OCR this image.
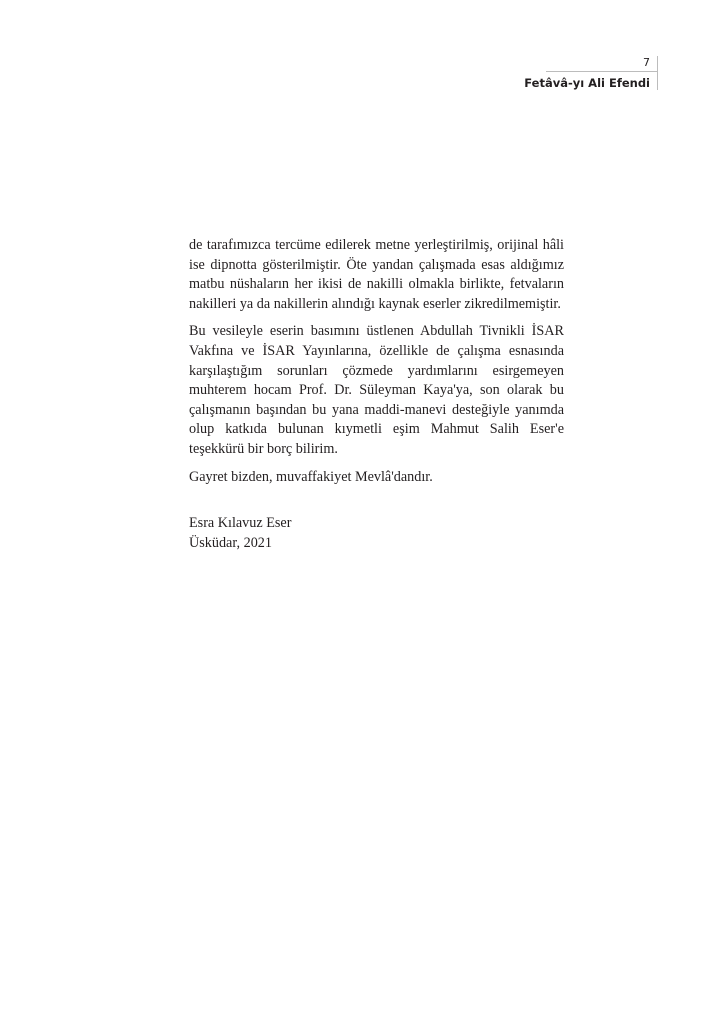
7
Fetâvâ-yı Ali Efendi

de tarafımızca tercüme edilerek metne yerleştirilmiş, orijinal hâli ise dipnotta gösterilmiştir. Öte yandan çalışmada esas aldığımız matbu nüshaların her ikisi de nakilli olmakla birlikte, fetvaların nakilleri ya da nakillerin alındığı kaynak eserler zikredilmemiştir.

Bu vesileyle eserin basımını üstlenen Abdullah Tivnikli İSAR Vakfına ve İSAR Yayınlarına, özellikle de çalışma esnasında karşılaştığım sorunları çözmede yardımlarını esirgemeyen muhterem hocam Prof. Dr. Süleyman Kaya'ya, son olarak bu çalışmanın başından bu yana maddi-manevi desteğiyle yanımda olup katkıda bulunan kıymetli eşim Mahmut Salih Eser'e teşekkürü bir borç bilirim.

Gayret bizden, muvaffakiyet Mevlâ'dandır.

Esra Kılavuz Eser
Üsküdar, 2021
